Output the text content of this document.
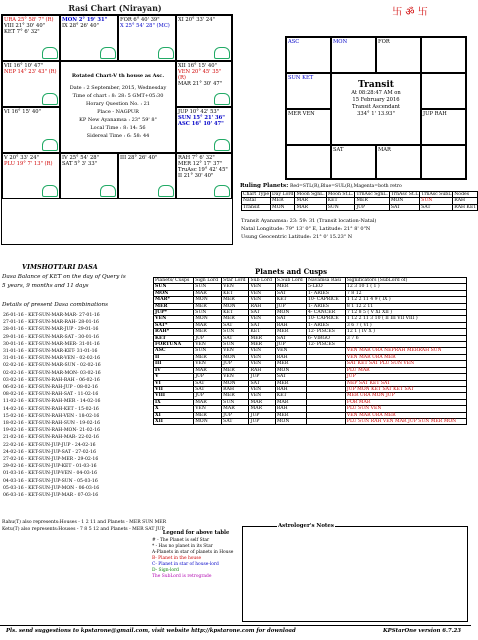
Rasi Chart (Nirayan)
URA 25° 58' 7" (R)
VIII 21° 30' 40"
KET 7° 6' 32"
MON 2° 19' 31"
IX 28° 26' 40"
FOR 6° 40' 39"
X 25° 54' 28" (MC)
XI 20° 33' 24"
VII 16° 10' 47"
NEP 14° 23' 43" (R)
XII 16° 15' 40"
VEN 20° 45' 35" (R)
MAR 21° 30' 47"
VI 16° 15' 40"	JUP 10° 42' 53"
SUN 15° 21' 36"
ASC 16° 10' 47"
V 20° 33' 24"
PLU 19° 7' 13" (R)
IV 25° 54' 28"
SAT 5° 3' 33"
III 28° 26' 40"	RAH 7° 6' 32"
MER 12° 17' 37"
TruAsc 19° 42' 45"
II 21° 30' 40"
Rotated Chart-V th house as Asc.
Date : 2 September, 2015, Wednesday
Time of chart : 8: 28: 5 GMT+05:30
Horary Question No. : 21
Place - NAGPUR
KP New Ayanamsa : 23° 59' 8"
Local Time : 8: 14: 56
Sidereal Time : 6: 58: 44
卐 ॐ 卐
ASC	MON	FOR
SUN KET
MER VEN	JUP RAH
SAT	MAR
Transit
At 08:28:47 AM on
15 February 2016
Transit Ascendant
334° 1' 13.93"
Ruling Planets: Red=STL(R),Blue=SUL(R),Magenta=both retro
Chart Type	Day Lord	Moon SgnL.	Moon St.L.	TrnAsc SgnL.	TrnAsc St.L	TrnAsc SubL	Nodes
Natal	MER	MAR	KET	MER	MON	SUN	RAH
Transit	MON	MAR	SUN	JUP	SAT	SAT	RAH KET
Transit Ayanamsa: 23: 59: 31 (Transit location-Natal)
Natal Longitude: 79° 13' 0" E, Latitude: 21° 8' 0"N
Usung Geocentric Latitude: 21° 0' 15.23" N
VIMSHOTTARI DASA
Dasa Balance of KET on the day of Query is
5 years, 9 months and 11 days
Details of present Dasa combinations
26-01-16 - KET-SUN-MAR-MAR- 27-01-16
27-01-16 - KET-SUN-MAR-RAH- 28-01-16
28-01-16 - KET-SUN-MAR-JUP - 29-01-16
29-01-16 - KET-SUN-MAR-SAT - 30-01-16
30-01-16 - KET-SUN-MAR-MER- 31-01-16
31-01-16 - KET-SUN-MAR-KET- 31-01-16
31-01-16 - KET-SUN-MAR-VEN - 02-02-16
02-02-16 - KET-SUN-MAR-SUN - 02-02-16
02-02-16 - KET-SUN-MAR-MON- 03-02-16
03-02-16 - KET-SUN-RAH-RAH - 06-02-16
06-02-16 - KET-SUN-RAH-JUP - 08-02-16
08-02-16 - KET-SUN-RAH-SAT - 11-02-16
11-02-16 - KET-SUN-RAH-MER - 14-02-16
14-02-16 - KET-SUN-RAH-KET - 15-02-16
15-02-16 - KET-SUN-RAH-VEN - 18-02-16
18-02-16 - KET-SUN-RAH-SUN - 19-02-16
19-02-16 - KET-SUN-RAH-MON- 21-02-16
21-02-16 - KET-SUN-RAH-MAR- 22-02-16
22-02-16 - KET-SUN-JUP-JUP - 24-02-16
24-02-16 - KET-SUN-JUP-SAT - 27-02-16
27-02-16 - KET-SUN-JUP-MER - 29-02-16
29-02-16 - KET-SUN-JUP-KET - 01-03-16
01-03-16 - KET-SUN-JUP-VEN - 04-03-16
04-03-16 - KET-SUN-JUP-SUN - 05-03-16
05-03-16 - KET-SUN-JUP-MON - 06-03-16
06-03-16 - KET-SUN-JUP-MAR - 07-03-16
Rahu(T) also represents:Houses - 1 2 11 and Planets - MER SUN MER
Ketu(T) also represents:Houses - 7 8 5 12 and Planets - MER SAT JUP
Planets and Cusps
Planets/ Cusps	Sign Lord	Star Lord	Sub Lord	S.Sub Lord	Navamsa Rasi	Significators (SubLord of)
SUN	SUN	VEN	VEN	MER	5-LEO	12 3 10 1 ( 1 )
MON	MAR	KET	VEN	SAT	1- ARIES	7 8 12
MAR*	MON	MER	VEN	KET	10- CAPRICE	1 12 2 11 4 9 ( IX )
MER	MER	MON	RAH	JUP	1- ARIES	8 1 12 2 11
JUP*	SUN	KET	SAT	MON	4- CANCER	7 12 8 5 ( V XI XII )
VEN	MON	MER	VEN	SAT	10- CAPRICE	1 12 2 11 3 10 ( II III VII VIII )
SAT*	MAR	SAT	SAT	RAH	1- ARIES	3 6 7 ( VI )
RAH*	MER	SUN	KET	MER	12- PISCES	12 1 ( IV X )
KET	JUP	SAT	MER	SAT	6- VIRGO	3 7 6
FORTUNA	VEN	SUN	MER	JUP	12- PISCES	
ASC	SUN	VEN	VEN	VEN		VEN MAR URA NEPRAH MERRAH SUN
II	MER	MON	VEN	RAH		VEN MAR URA MER
III	VEN	JUP	VEN	MER		SAT KET SAT PLU SUN VEN
IV	MAR	MER	RAH	MON		PLU MAR
V	JUP	VEN	JUP	SAT		JUP
VI	SAT	MON	SAT	MER		NEP SAT KET SAT
VII	SAT	RAH	VEN	RAH		JUP MON KET SAT KET SAT
VIII	JUP	MER	VEN	KET		MER URA MON JUP
IX	MAR	SUN	MAR	MAR		FOR MAR
X	VEN	MAR	MAR	RAH		PLU SUN VEN
XI	MER	JUP	JUP	MER		VEN MAR URA MER
XII	MON	SAT	JUP	MON		PLU SUN RAH VEN MAR JUP SUN MER MON
Astrologer's Notes
Legend for above table
# - The Planet is self Star
* - Has no planet in its Star
A-Planets in star of planets in House
B- Planet in the house
C- Planet in star of house-lord
D- Sign-lord
The SubLord is retrograde
Pls. send suggestions to kpstarone@gmail.com, visit website http://kpstarone.com for download	KPStarOne version 6.7.23
